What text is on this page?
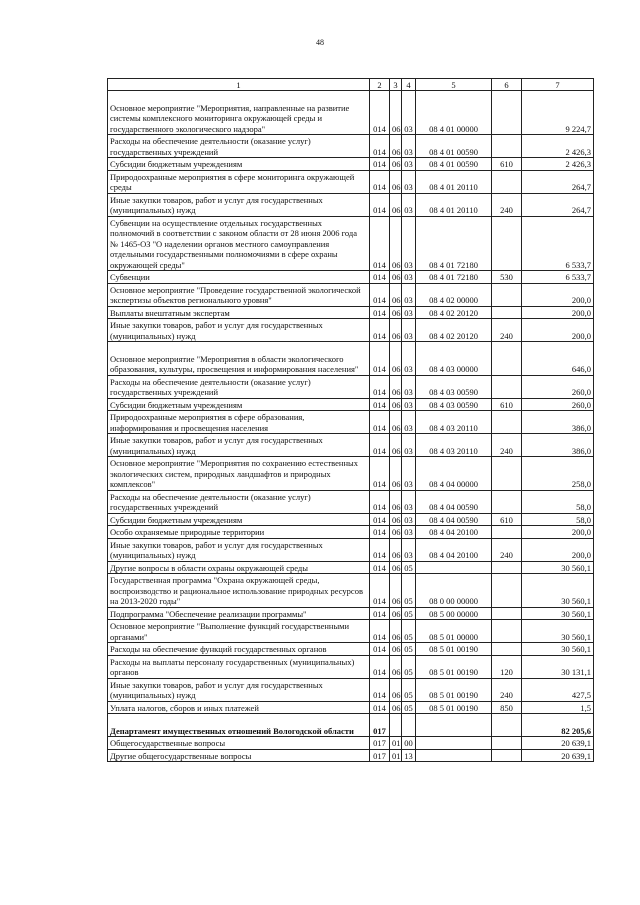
48
1	2	3	4	5	6	7
Основное мероприятие "Мероприятия, направленные на развитие системы комплексного мониторинга окружающей среды и государственного экологического надзора"	014	06	03	08 4 01 00000		9 224,7
Расходы на обеспечение деятельности (оказание услуг) государственных учреждений	014	06	03	08 4 01 00590		2 426,3
Субсидии бюджетным учреждениям	014	06	03	08 4 01 00590	610	2 426,3
Природоохранные мероприятия в сфере мониторинга окружающей среды	014	06	03	08 4 01 20110		264,7
Иные закупки товаров, работ и услуг для государственных (муниципальных) нужд	014	06	03	08 4 01 20110	240	264,7
Субвенции на осуществление отдельных государственных полномочий в соответствии с законом области от 28 июня 2006 года № 1465-ОЗ "О наделении органов местного самоуправления отдельными государственными полномочиями в сфере охраны окружающей среды"	014	06	03	08 4 01 72180		6 533,7
Субвенции	014	06	03	08 4 01 72180	530	6 533,7
Основное мероприятие "Проведение государственной экологической экспертизы объектов регионального уровня"	014	06	03	08 4 02 00000		200,0
Выплаты внештатным экспертам	014	06	03	08 4 02 20120		200,0
Иные закупки товаров, работ и услуг для государственных (муниципальных) нужд	014	06	03	08 4 02 20120	240	200,0
Основное мероприятие "Мероприятия в области экологического образования, культуры, просвещения и информирования населения"	014	06	03	08 4 03 00000		646,0
Расходы на обеспечение деятельности (оказание услуг) государственных учреждений	014	06	03	08 4 03 00590		260,0
Субсидии бюджетным учреждениям	014	06	03	08 4 03 00590	610	260,0
Природоохранные мероприятия в сфере образования, информирования и просвещения населения	014	06	03	08 4 03 20110		386,0
Иные закупки товаров, работ и услуг для государственных (муниципальных) нужд	014	06	03	08 4 03 20110	240	386,0
Основное мероприятие "Мероприятия по сохранению естественных экологических систем, природных ландшафтов и природных комплексов"	014	06	03	08 4 04 00000		258,0
Расходы на обеспечение деятельности (оказание услуг) государственных учреждений	014	06	03	08 4 04 00590		58,0
Субсидии бюджетным учреждениям	014	06	03	08 4 04 00590	610	58,0
Особо охраняемые природные территории	014	06	03	08 4 04 20100		200,0
Иные закупки товаров, работ и услуг для государственных (муниципальных) нужд	014	06	03	08 4 04 20100	240	200,0
Другие вопросы в области охраны окружающей среды	014	06	05			30 560,1
Государственная программа "Охрана окружающей среды, воспроизводство и рациональное использование природных ресурсов на 2013-2020 годы"	014	06	05	08 0 00 00000		30 560,1
Подпрограмма "Обеспечение реализации программы"	014	06	05	08 5 00 00000		30 560,1
Основное мероприятие "Выполнение функций государственными органами"	014	06	05	08 5 01 00000		30 560,1
Расходы на обеспечение функций государственных органов	014	06	05	08 5 01 00190		30 560,1
Расходы на выплаты персоналу государственных (муниципальных) органов	014	06	05	08 5 01 00190	120	30 131,1
Иные закупки товаров, работ и услуг для государственных (муниципальных) нужд	014	06	05	08 5 01 00190	240	427,5
Уплата налогов, сборов и иных платежей	014	06	05	08 5 01 00190	850	1,5
Департамент имущественных отношений Вологодской области	017					82 205,6
Общегосударственные вопросы	017	01	00			20 639,1
Другие общегосударственные вопросы	017	01	13			20 639,1
